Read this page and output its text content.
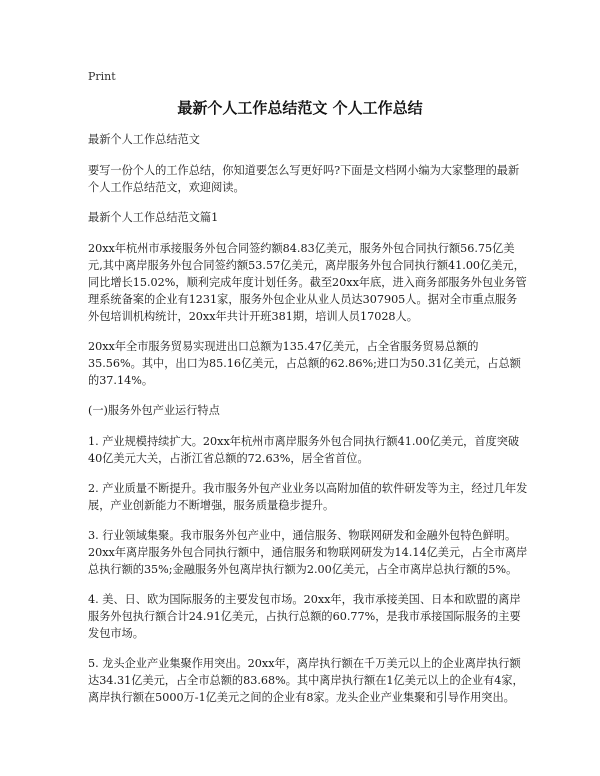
Print
最新个人工作总结范文 个人工作总结

最新个人工作总结范文

要写一份个人的工作总结，你知道要怎么写更好吗?下面是文档网小编为大家整理的最新个人工作总结范文，欢迎阅读。

最新个人工作总结范文篇1

20xx年杭州市承接服务外包合同签约额84.83亿美元，服务外包合同执行额56.75亿美元,其中离岸服务外包合同签约额53.57亿美元，离岸服务外包合同执行额41.00亿美元，同比增长15.02%，顺利完成年度计划任务。截至20xx年底，进入商务部服务外包业务管理系统备案的企业有1231家，服务外包企业从业人员达307905人。据对全市重点服务外包培训机构统计，20xx年共计开班381期，培训人员17028人。

20xx年全市服务贸易实现进出口总额为135.47亿美元，占全省服务贸易总额的35.56%。其中，出口为85.16亿美元，占总额的62.86%;进口为50.31亿美元，占总额的37.14%。

(一)服务外包产业运行特点

1. 产业规模持续扩大。20xx年杭州市离岸服务外包合同执行额41.00亿美元，首度突破40亿美元大关，占浙江省总额的72.63%，居全省首位。

2. 产业质量不断提升。我市服务外包产业业务以高附加值的软件研发等为主，经过几年发展，产业创新能力不断增强，服务质量稳步提升。

3. 行业领域集聚。我市服务外包产业中，通信服务、物联网研发和金融外包特色鲜明。20xx年离岸服务外包合同执行额中，通信服务和物联网研发为14.14亿美元，占全市离岸总执行额的35%;金融服务外包离岸执行额为2.00亿美元，占全市离岸总执行额的5%。

4. 美、日、欧为国际服务的主要发包市场。20xx年，我市承接美国、日本和欧盟的离岸服务外包执行额合计24.91亿美元，占执行总额的60.77%，是我市承接国际服务的主要发包市场。

5. 龙头企业产业集聚作用突出。20xx年，离岸执行额在千万美元以上的企业离岸执行额达34.31亿美元，占全市总额的83.68%。其中离岸执行额在1亿美元以上的企业有4家，离岸执行额在5000万-1亿美元之间的企业有8家。龙头企业产业集聚和引导作用突出。
